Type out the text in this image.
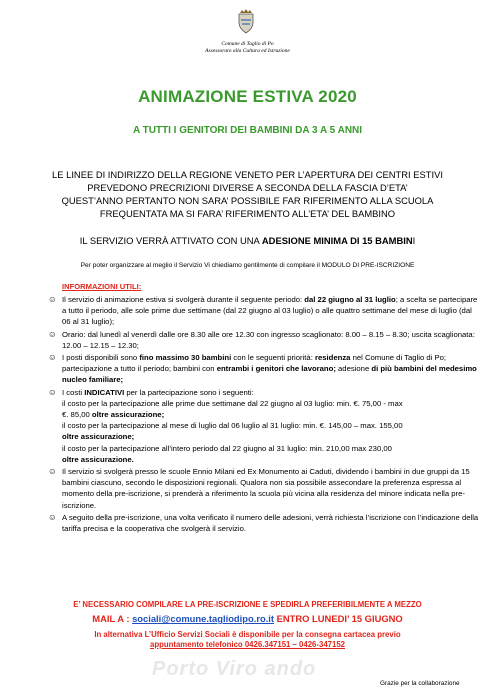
Comune di Taglio di Po
Assessorato alla Cultura ed Istruzione
ANIMAZIONE ESTIVA 2020
A TUTTI I GENITORI DEI BAMBINI DA 3 A 5 ANNI
LE LINEE DI INDIRIZZO DELLA REGIONE VENETO PER L’APERTURA DEI CENTRI ESTIVI
PREVEDONO PRECRIZIONI DIVERSE A SECONDA DELLA FASCIA D’ETA’
QUEST’ANNO PERTANTO NON SARA’ POSSIBILE FAR RIFERIMENTO ALLA SCUOLA
FREQUENTATA MA SI FARA’ RIFERIMENTO ALL’ETA’ DEL BAMBINO
IL SERVIZIO VERRÀ ATTIVATO CON UNA ADESIONE MINIMA DI 15 BAMBINI
Per poter organizzare al meglio il Servizio Vi chiediamo gentilmente di compilare il MODULO DI PRE-ISCRIZIONE
INFORMAZIONI UTILI:
☺ Il servizio di animazione estiva si svolgerà durante il seguente periodo: dal 22 giugno al 31 luglio; a scelta se partecipare a tutto il periodo, alle sole prime due settimane (dal 22 giugno al 03 luglio) o alle quattro settimane del mese di luglio (dal 06 al 31 luglio);
☺ Orario: dal lunedì al venerdì dalle ore 8.30 alle ore 12.30 con ingresso scaglionato: 8.00 – 8.15 – 8.30; uscita scaglionata: 12.00 – 12.15 – 12.30;
☺ I posti disponibili sono fino massimo 30 bambini con le seguenti priorità: residenza nel Comune di Taglio di Po; partecipazione a tutto il periodo; bambini con entrambi i genitori che lavorano; adesione di più bambini del medesimo nucleo familiare;
☺ I costi INDICATIVI per la partecipazione sono i seguenti:
il costo per la partecipazione alle prime due settimane dal 22 giugno al 03 luglio: min. €. 75,00 - max
€. 85,00 oltre assicurazione;
il costo per la partecipazione al mese di luglio dal 06 luglio al 31 luglio: min. €. 145,00 – max. 155,00
oltre assicurazione;
il costo per la partecipazione all’intero periodo dal 22 giugno al 31 luglio: min. 210,00 max 230,00
oltre assicurazione.
☺ Il servizio si svolgerà presso le scuole Ennio Milani ed Ex Monumento ai Caduti, dividendo i bambini in due gruppi da 15 bambini ciascuno, secondo le disposizioni regionali. Qualora non sia possibile assecondare la preferenza espressa al momento della pre-iscrizione, si prenderà a riferimento la scuola più vicina alla residenza del minore indicata nella pre-iscrizione.
☺ A seguito della pre-iscrizione, una volta verificato il numero delle adesioni, verrà richiesta l’iscrizione con l’indicazione della tariffa precisa e la cooperativa che svolgerà il servizio.
E’ NECESSARIO COMPILARE LA PRE-ISCRIZIONE E SPEDIRLA PREFERIBILMENTE A MEZZO
MAIL A : sociali@comune.tagliodipo.ro.it ENTRO LUNEDI’ 15 GIUGNO
In alternativa L’Ufficio Servizi Sociali è disponibile per la consegna cartacea previo
appuntamento telefonico 0426.347151 – 0426-347152
Porto Viro ando
Grazie per la collaborazione
